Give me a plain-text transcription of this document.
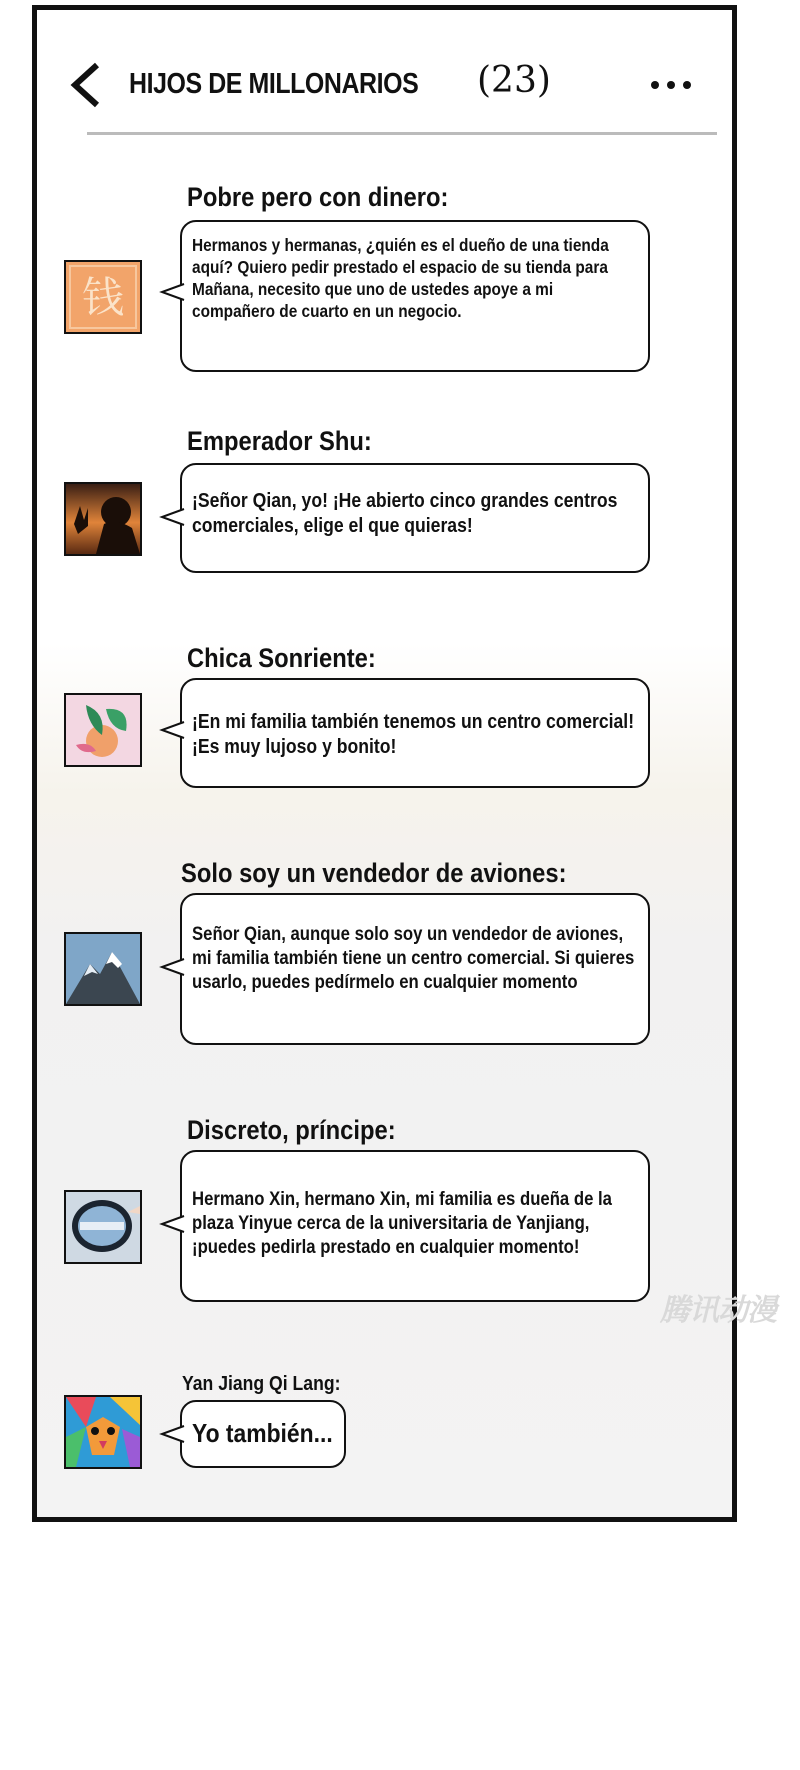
HIJOS DE MILLONARIOS (23)
Pobre pero con dinero:
钱
Hermanos y hermanas, ¿quién es el dueño de una tienda aquí? Quiero pedir prestado el espacio de su tienda para Mañana, necesito que uno de ustedes apoye a mi compañero de cuarto en un negocio.
Emperador Shu:
¡Señor Qian, yo! ¡He abierto cinco grandes centros comerciales, elige el que quieras!
Chica Sonriente:
¡En mi familia también tenemos un centro comercial! ¡Es muy lujoso y bonito!
Solo soy un vendedor de aviones:
Señor Qian, aunque solo soy un vendedor de aviones, mi familia también tiene un centro comercial. Si quieres usarlo, puedes pedírmelo en cualquier momento
Discreto, príncipe:
Hermano Xin, hermano Xin, mi familia es dueña de la plaza Yinyue cerca de la universitaria de Yanjiang, ¡puedes pedirla prestado en cualquier momento!
Yan Jiang Qi Lang:
Yo también...
腾讯动漫
